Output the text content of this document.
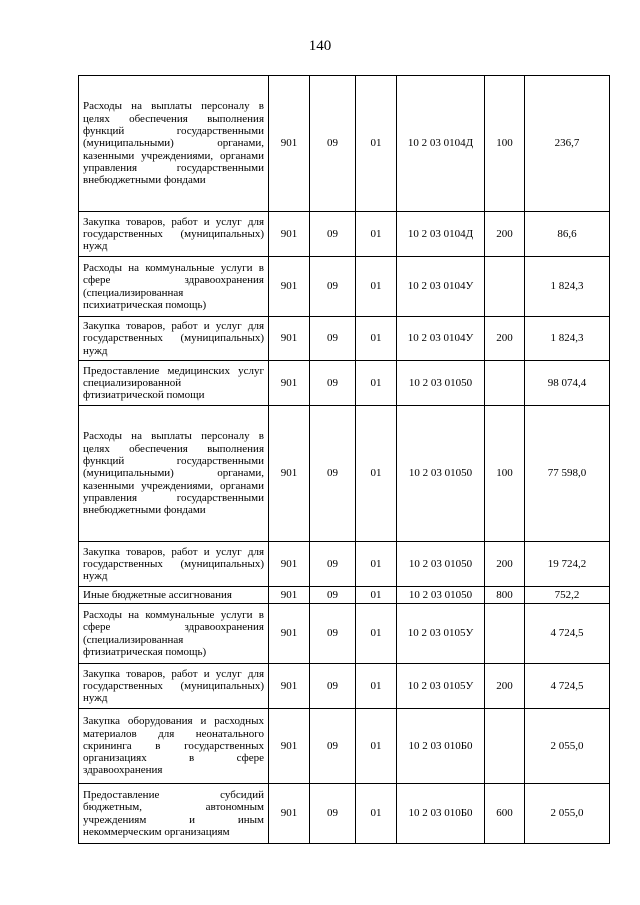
140
Расходы на выплаты персоналу в целях обеспечения выполнения функций государственными (муниципальными) органами, казенными учреждениями, органами управления государственными внебюджетными фондами	901	09	01	10 2 03 0104Д	100	236,7
Закупка товаров, работ и услуг для государственных (муниципальных) нужд	901	09	01	10 2 03 0104Д	200	86,6
Расходы на коммунальные услуги в сфере здравоохранения (специализированная психиатрическая помощь)	901	09	01	10 2 03 0104У		1 824,3
Закупка товаров, работ и услуг для государственных (муниципальных) нужд	901	09	01	10 2 03 0104У	200	1 824,3
Предоставление медицинских услуг специализированной фтизиатрической помощи	901	09	01	10 2 03 01050		98 074,4
Расходы на выплаты персоналу в целях обеспечения выполнения функций государственными (муниципальными) органами, казенными учреждениями, органами управления государственными внебюджетными фондами	901	09	01	10 2 03 01050	100	77 598,0
Закупка товаров, работ и услуг для государственных (муниципальных) нужд	901	09	01	10 2 03 01050	200	19 724,2
Иные бюджетные ассигнования	901	09	01	10 2 03 01050	800	752,2
Расходы на коммунальные услуги в сфере здравоохранения (специализированная фтизиатрическая помощь)	901	09	01	10 2 03 0105У		4 724,5
Закупка товаров, работ и услуг для государственных (муниципальных) нужд	901	09	01	10 2 03 0105У	200	4 724,5
Закупка оборудования и расходных материалов для неонатального скрининга в государственных организациях в сфере здравоохранения	901	09	01	10 2 03 010Б0		2 055,0
Предоставление субсидий бюджетным, автономным учреждениям и иным некоммерческим организациям	901	09	01	10 2 03 010Б0	600	2 055,0
